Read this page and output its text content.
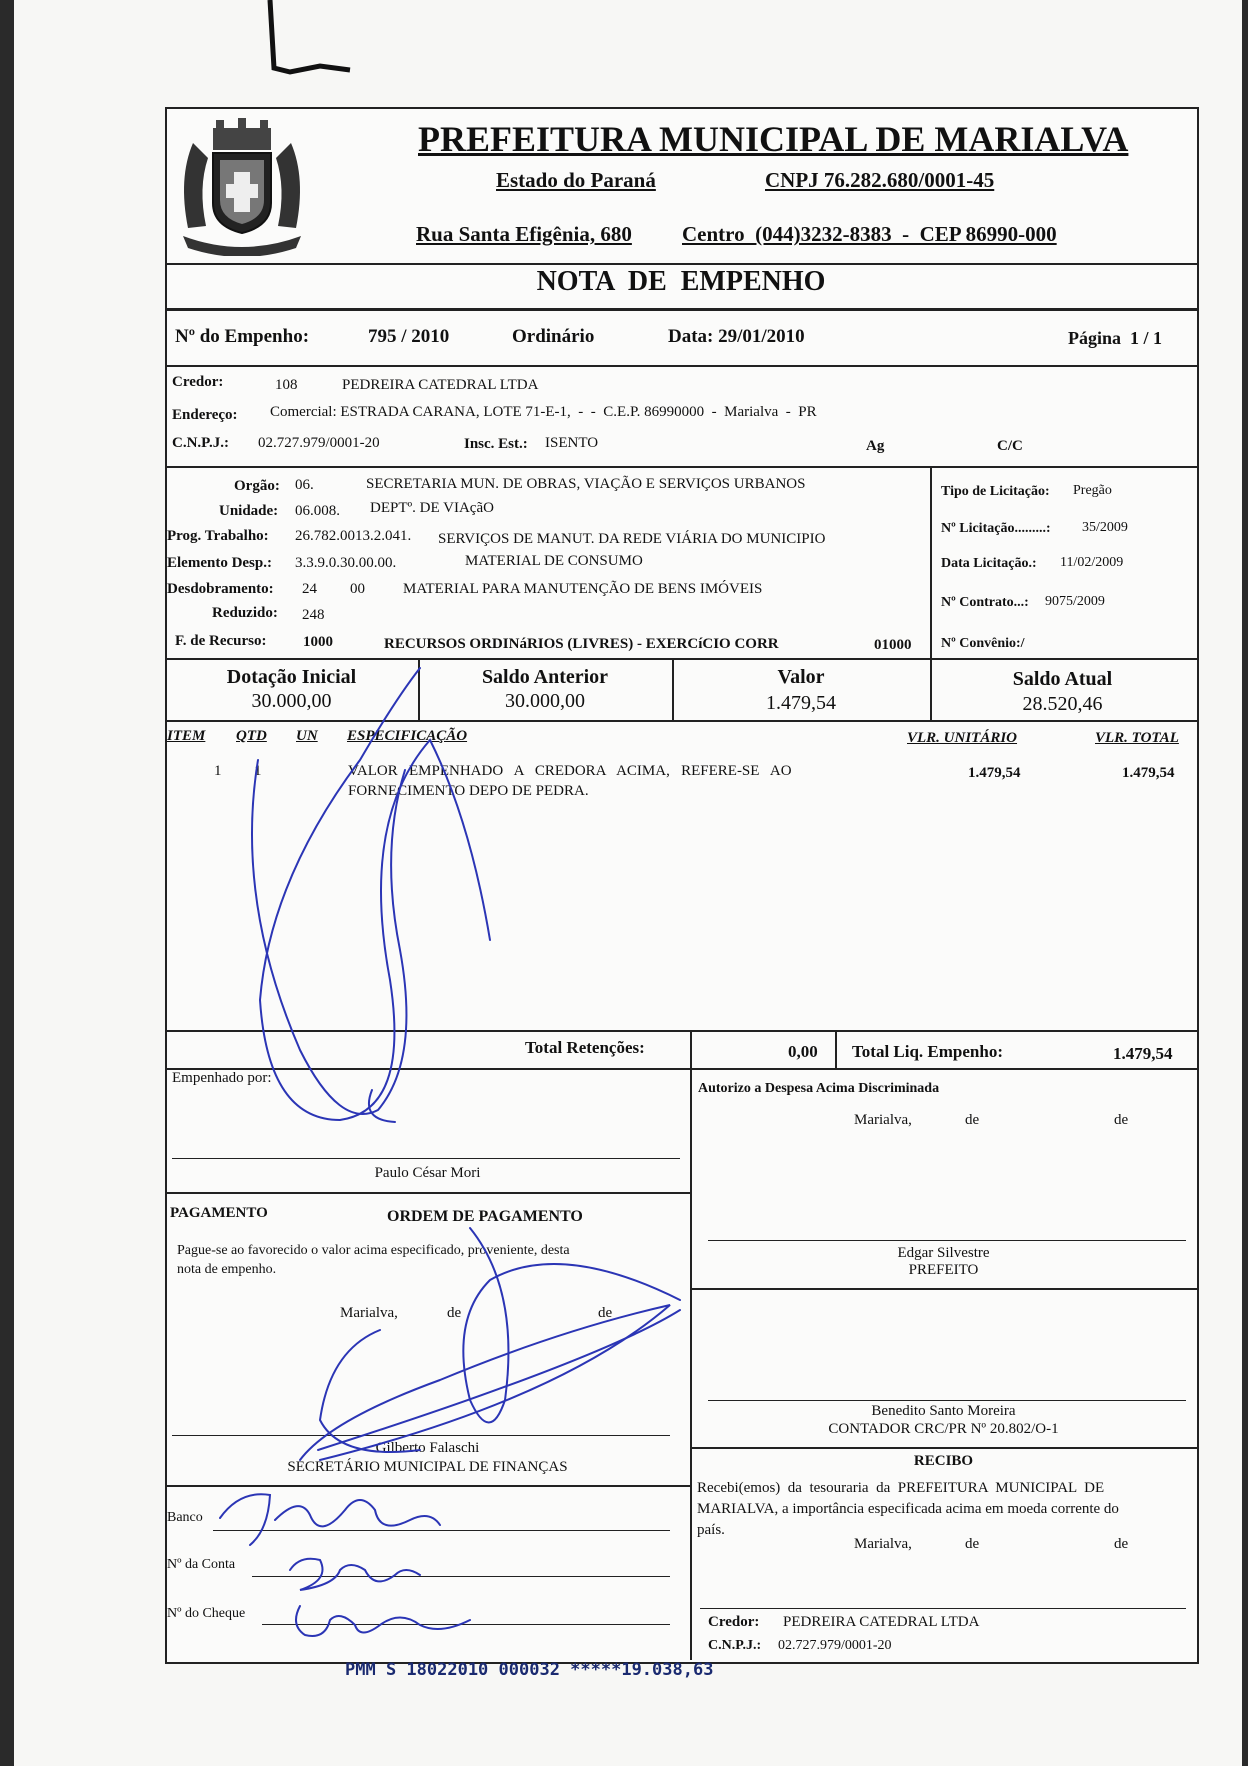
PREFEITURA MUNICIPAL DE MARIALVA
Estado do Paraná	CNPJ 76.282.680/0001-45
Rua Santa Efigênia, 680 Centro  (044)3232-8383  -  CEP 86990-000
NOTA  DE  EMPENHO
Nº do Empenho:	795 / 2010	Ordinário	Data: 29/01/2010	Página  1 / 1
Credor:	108	PEDREIRA CATEDRAL LTDA
Endereço: Comercial: ESTRADA CARANA, LOTE 71-E-1,  -  -  C.E.P. 86990000  -  Marialva  -  PR
C.N.P.J.: 02.727.979/0001-20	Insc. Est.: ISENTO	Ag	C/C
Orgão: 06.	SECRETARIA MUN. DE OBRAS, VIAÇÃO E SERVIÇOS URBANOS
Unidade: 06.008. DEPTº. DE VIAçãO
Prog. Trabalho: 26.782.0013.2.041. SERVIÇOS DE MANUT. DA REDE VIÁRIA DO MUNICIPIO
Elemento Desp.: 3.3.9.0.30.00.00.	MATERIAL DE CONSUMO
Desdobramento: 24 00	MATERIAL PARA MANUTENÇÃO DE BENS IMÓVEIS
Reduzido: 248
F. de Recurso: 1000	RECURSOS ORDINáRIOS (LIVRES) - EXERCíCIO CORR	01000
Tipo de Licitação: Pregão
Nº Licitação.........: 35/2009
Data Licitação.: 11/02/2009
Nº Contrato...: 9075/2009
Nº Convênio:/
Dotação Inicial
30.000,00
Saldo Anterior
30.000,00
Valor
1.479,54
Saldo Atual
28.520,46
ITEM QTD UN ESPECIFICAÇÃO	VLR. UNITÁRIO	VLR. TOTAL
1 1	VALOR   EMPENHADO   A   CREDORA   ACIMA,   REFERE-SE   AO
FORNECIMENTO DEPO DE PEDRA.
1.479,54	1.479,54
Total Retenções:	0,00 Total Liq. Empenho:	1.479,54
Empenhado por:
Paulo César Mori
Autorizo a Despesa Acima Discriminada
Marialva,	de	de
Edgar Silvestre
PREFEITO
PAGAMENTO	ORDEM DE PAGAMENTO
Pague-se ao favorecido o valor acima especificado, proveniente, desta
nota de empenho.
Marialva,	de	de
Gilberto Falaschi
SECRETÁRIO MUNICIPAL DE FINANÇAS
Banco
Nº da Conta
Nº do Cheque
Benedito Santo Moreira
CONTADOR CRC/PR Nº 20.802/O-1
RECIBO
Recebi(emos)  da  tesouraria  da  PREFEITURA  MUNICIPAL  DE
MARIALVA, a importância especificada acima em moeda corrente do
país.
Marialva,	de	de
Credor: PEDREIRA CATEDRAL LTDA
C.N.P.J.: 02.727.979/0001-20
PMM S 18022010 000032 *****19.038,63
